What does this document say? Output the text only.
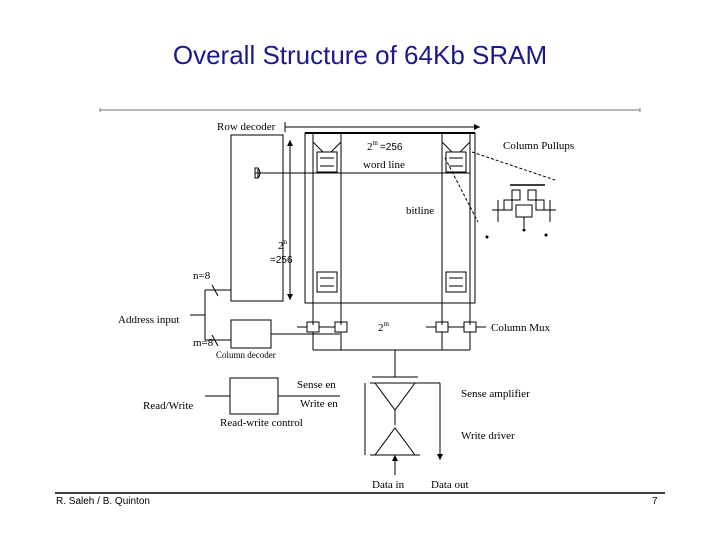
Overall Structure of 64Kb SRAM
Row decoder
$2^m =256$
word line
Column Pullups
bitline
$2^n$
=256
n=8
Address input
m=8
2$^m$	Column Mux
Column decoder
Sense en
Write en
Read/Write
Read-write control
Sense amplifier
Write driver
Data in Data out
R. Saleh / B. Quinton	7
